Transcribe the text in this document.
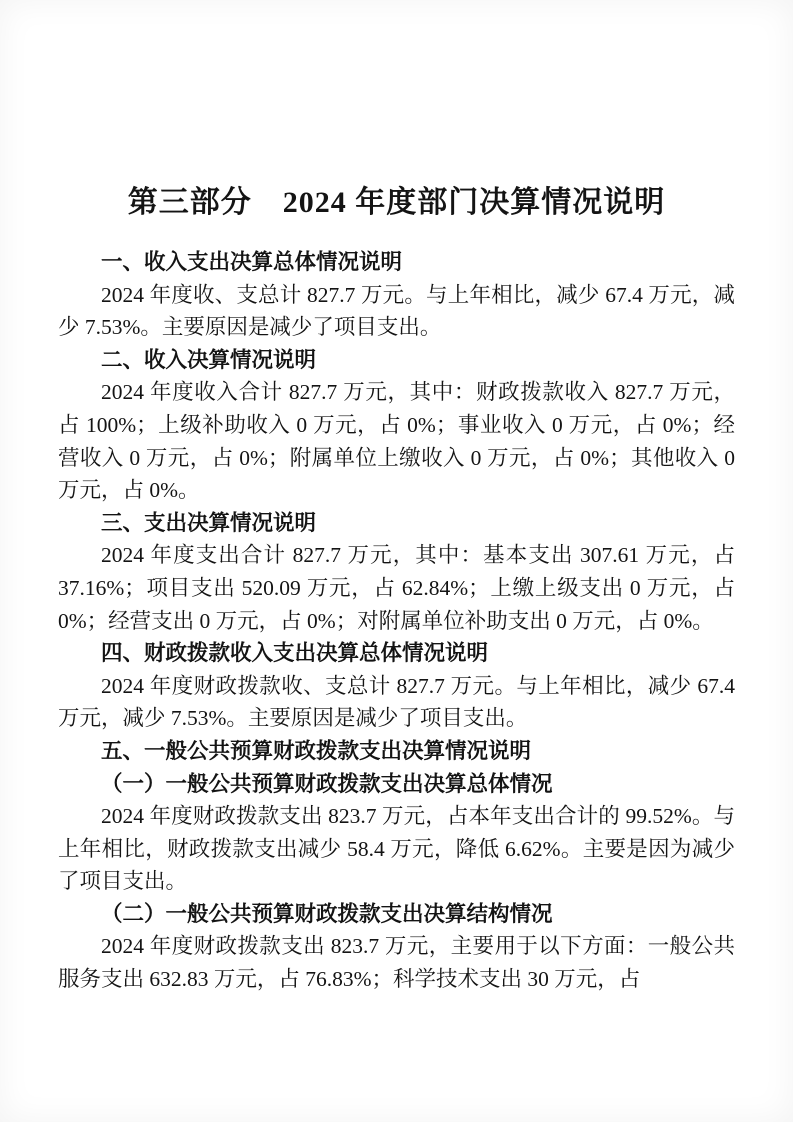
第三部分　2024 年度部门决算情况说明

一、收入支出决算总体情况说明

2024 年度收、支总计 827.7 万元。与上年相比，减少 67.4 万元，减少 7.53%。主要原因是减少了项目支出。

二、收入决算情况说明

2024 年度收入合计 827.7 万元，其中：财政拨款收入 827.7 万元，占 100%；上级补助收入 0 万元，占 0%；事业收入 0 万元，占 0%；经营收入 0 万元，占 0%；附属单位上缴收入 0 万元，占 0%；其他收入 0 万元，占 0%。

三、支出决算情况说明

2024 年度支出合计 827.7 万元，其中：基本支出 307.61 万元，占 37.16%；项目支出 520.09 万元，占 62.84%；上缴上级支出 0 万元，占 0%；经营支出 0 万元，占 0%；对附属单位补助支出 0 万元，占 0%。

四、财政拨款收入支出决算总体情况说明

2024 年度财政拨款收、支总计 827.7 万元。与上年相比，减少 67.4 万元，减少 7.53%。主要原因是减少了项目支出。

五、一般公共预算财政拨款支出决算情况说明

（一）一般公共预算财政拨款支出决算总体情况

2024 年度财政拨款支出 823.7 万元，占本年支出合计的 99.52%。与上年相比，财政拨款支出减少 58.4 万元，降低 6.62%。主要是因为减少了项目支出。

（二）一般公共预算财政拨款支出决算结构情况

2024 年度财政拨款支出 823.7 万元，主要用于以下方面：一般公共服务支出 632.83 万元，占 76.83%；科学技术支出 30 万元，占
